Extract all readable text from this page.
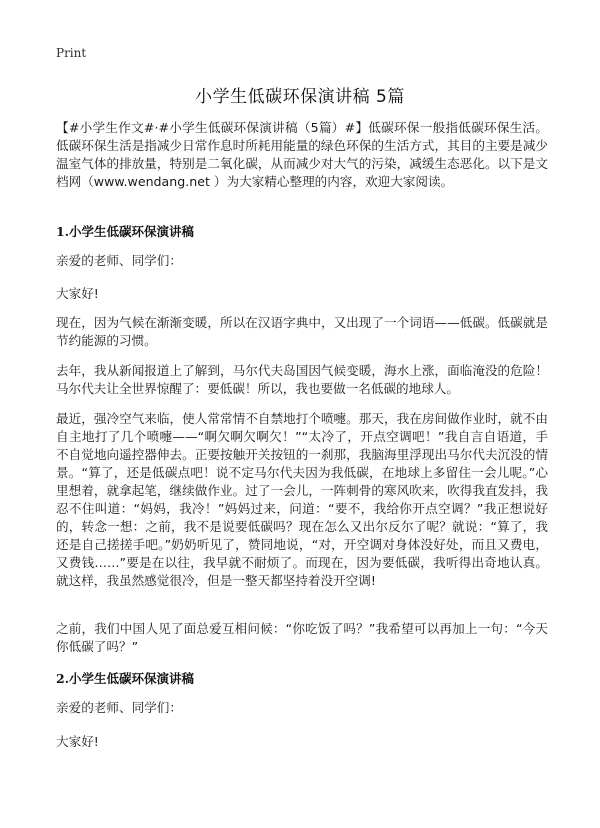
Print
小学生低碳环保演讲稿 5篇

【#小学生作文#·#小学生低碳环保演讲稿（5篇）#】低碳环保一般指低碳环保生活。 低碳环保生活是指减少日常作息时所耗用能量的绿色环保的生活方式，其目的主要是减少温室气体的排放量，特别是二氧化碳，从而减少对大气的污染，减缓生态恶化。以下是文档网（www.wendang.net ）为大家精心整理的内容，欢迎大家阅读。

1.小学生低碳环保演讲稿

亲爱的老师、同学们：

大家好!

现在，因为气候在渐渐变暖，所以在汉语字典中，又出现了一个词语——低碳。低碳就是节约能源的习惯。

去年，我从新闻报道上了解到，马尔代夫岛国因气候变暖，海水上涨，面临淹没的危险！马尔代夫让全世界惊醒了：要低碳！所以，我也要做一名低碳的地球人。

最近，强冷空气来临，使人常常情不自禁地打个喷嚏。那天，我在房间做作业时，就不由自主地打了几个喷嚏——“啊欠啊欠啊欠！”“太冷了，开点空调吧！”我自言自语道，手不自觉地向遥控器伸去。正要按触开关按钮的一刹那，我脑海里浮现出马尔代夫沉没的情景。“算了，还是低碳点吧！说不定马尔代夫因为我低碳，在地球上多留住一会儿呢。”心里想着，就拿起笔，继续做作业。过了一会儿，一阵刺骨的寒风吹来，吹得我直发抖，我忍不住叫道：“妈妈，我冷！”妈妈过来，问道：“要不，我给你开点空调？”我正想说好的，转念一想：之前，我不是说要低碳吗？现在怎么又出尔反尔了呢？就说：“算了，我还是自己搓搓手吧。”奶奶听见了，赞同地说，“对，开空调对身体没好处，而且又费电，又费钱……”要是在以往，我早就不耐烦了。而现在，因为要低碳，我听得出奇地认真。就这样，我虽然感觉很冷，但是一整天都坚持着没开空调!

之前，我们中国人见了面总爱互相问候：“你吃饭了吗？”我希望可以再加上一句：“今天你低碳了吗？”

2.小学生低碳环保演讲稿

亲爱的老师、同学们：

大家好!
